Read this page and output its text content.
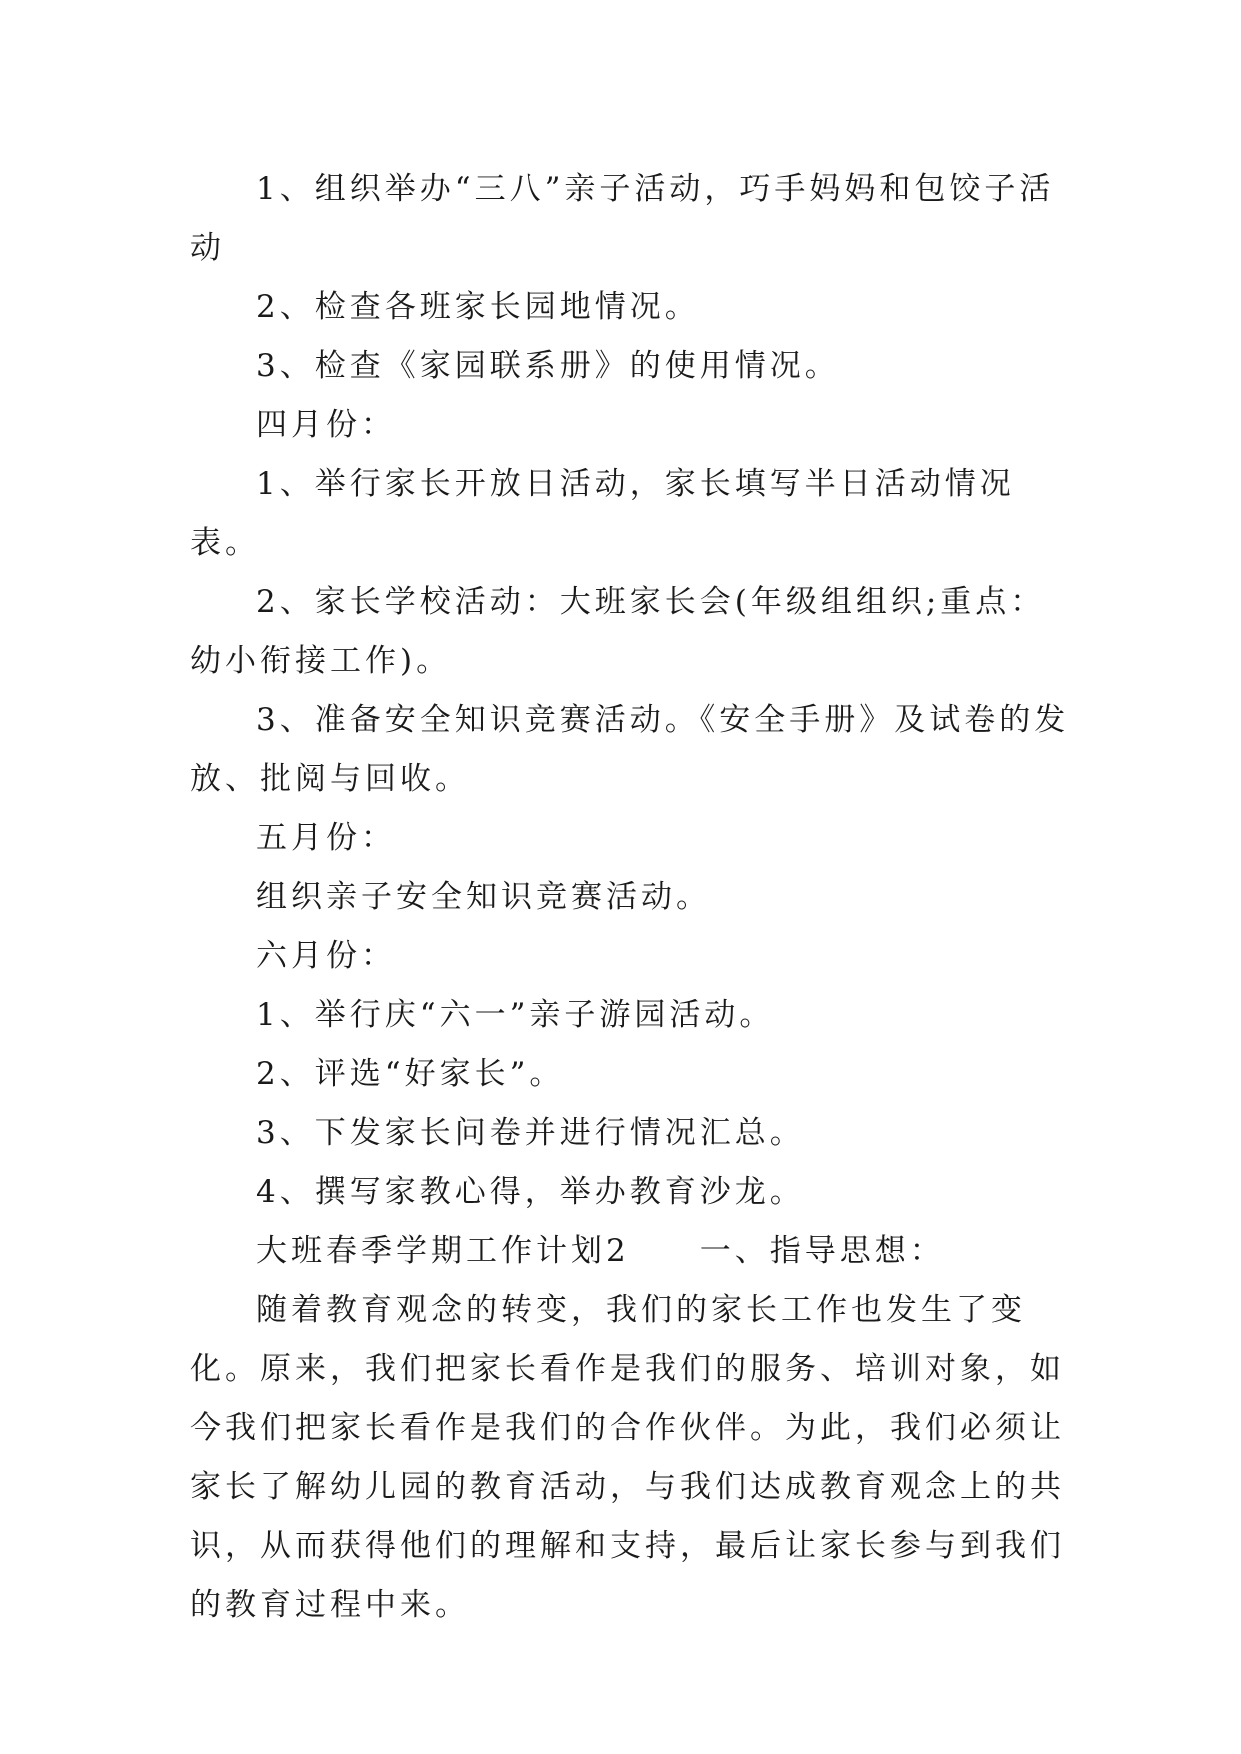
1、组织举办“三八”亲子活动，巧手妈妈和包饺子活动

2、检查各班家长园地情况。

3、检查《家园联系册》的使用情况。

四月份：

1、举行家长开放日活动，家长填写半日活动情况表。

2、家长学校活动：大班家长会(年级组组织;重点：幼小衔接工作)。

3、准备安全知识竞赛活动。《安全手册》及试卷的发放、批阅与回收。

五月份：

组织亲子安全知识竞赛活动。

六月份：

1、举行庆“六一”亲子游园活动。

2、评选“好家长”。

3、下发家长问卷并进行情况汇总。

4、撰写家教心得，举办教育沙龙。

大班春季学期工作计划2　　一、指导思想：

随着教育观念的转变，我们的家长工作也发生了变化。原来，我们把家长看作是我们的服务、培训对象，如今我们把家长看作是我们的合作伙伴。为此，我们必须让家长了解幼儿园的教育活动，与我们达成教育观念上的共识，从而获得他们的理解和支持，最后让家长参与到我们的教育过程中来。
